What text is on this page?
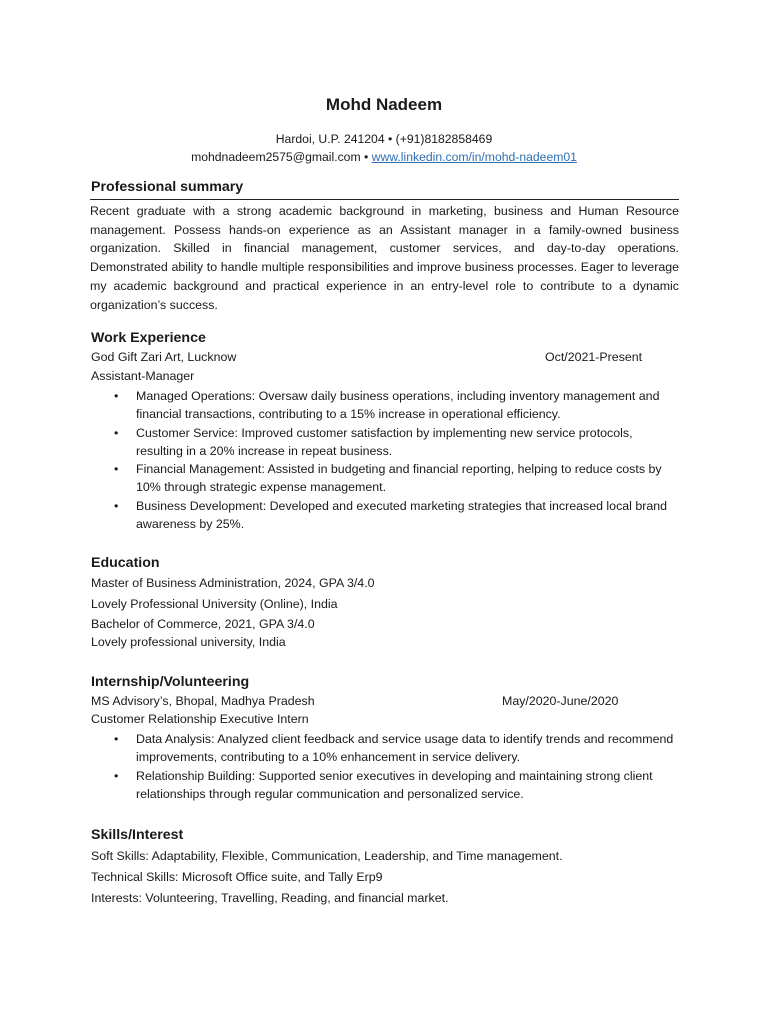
Mohd Nadeem
Hardoi, U.P. 241204 • (+91)8182858469
mohdnadeem2575@gmail.com • www.linkedin.com/in/mohd-nadeem01
Professional summary
Recent graduate with a strong academic background in marketing, business and Human Resource management. Possess hands-on experience as an Assistant manager in a family-owned business organization. Skilled in financial management, customer services, and day-to-day operations. Demonstrated ability to handle multiple responsibilities and improve business processes. Eager to leverage my academic background and practical experience in an entry-level role to contribute to a dynamic organization’s success.
Work Experience
God Gift Zari Art, Lucknow	Oct/2021-Present
Assistant-Manager
• Managed Operations: Oversaw daily business operations, including inventory management and financial transactions, contributing to a 15% increase in operational efficiency.
• Customer Service: Improved customer satisfaction by implementing new service protocols, resulting in a 20% increase in repeat business.
• Financial Management: Assisted in budgeting and financial reporting, helping to reduce costs by 10% through strategic expense management.
• Business Development: Developed and executed marketing strategies that increased local brand awareness by 25%.
Education
Master of Business Administration, 2024, GPA 3/4.0
Lovely Professional University (Online), India
Bachelor of Commerce, 2021, GPA 3/4.0
Lovely professional university, India
Internship/Volunteering
MS Advisory’s, Bhopal, Madhya Pradesh	May/2020-June/2020
Customer Relationship Executive Intern
• Data Analysis: Analyzed client feedback and service usage data to identify trends and recommend improvements, contributing to a 10% enhancement in service delivery.
• Relationship Building: Supported senior executives in developing and maintaining strong client relationships through regular communication and personalized service.
Skills/Interest
Soft Skills: Adaptability, Flexible, Communication, Leadership, and Time management.
Technical Skills: Microsoft Office suite, and Tally Erp9
Interests: Volunteering, Travelling, Reading, and financial market.
